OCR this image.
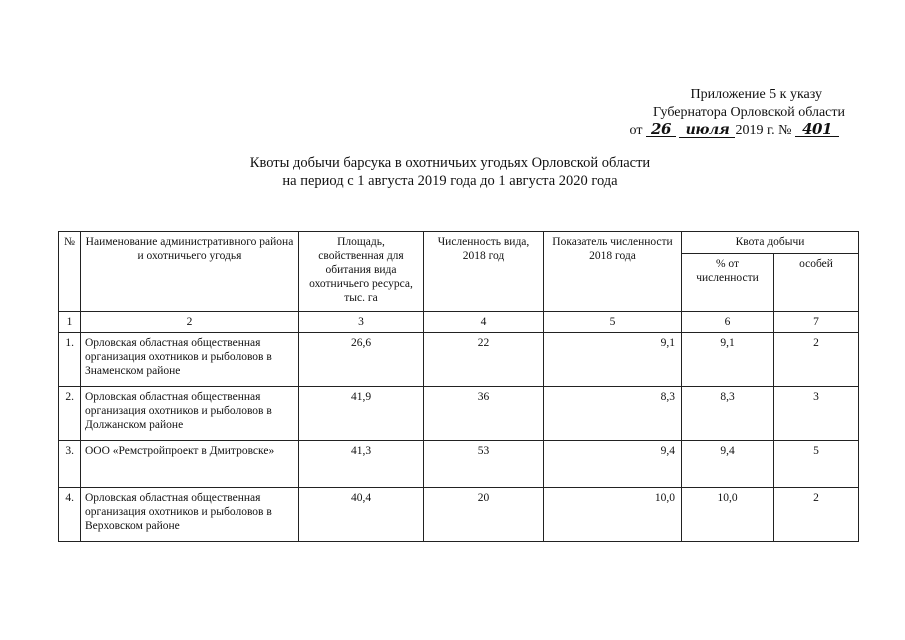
Приложение 5 к указу
Губернатора Орловской области
от 26 июля 2019 г. № 401
Квоты добычи барсука в охотничьих угодьях Орловской области
на период с 1 августа 2019 года до 1 августа 2020 года
№	Наименование административного района и охотничьего угодья	Площадь, свойственная для обитания вида охотничьего ресурса, тыс. га	Численность вида, 2018 год	Показатель численности 2018 года	Квота добычи	
					% от численности	особей
1	2	3	4	5	6	7
1.	Орловская областная общественная организация охотников и рыболовов в Знаменском районе	26,6	22	9,1	9,1	2
2.	Орловская областная общественная организация охотников и рыболовов в Должанском районе	41,9	36	8,3	8,3	3
3.	ООО «Ремстройпроект в Дмитровске»	41,3	53	9,4	9,4	5
4.	Орловская областная общественная организация охотников и рыболовов в Верховском районе	40,4	20	10,0	10,0	2
